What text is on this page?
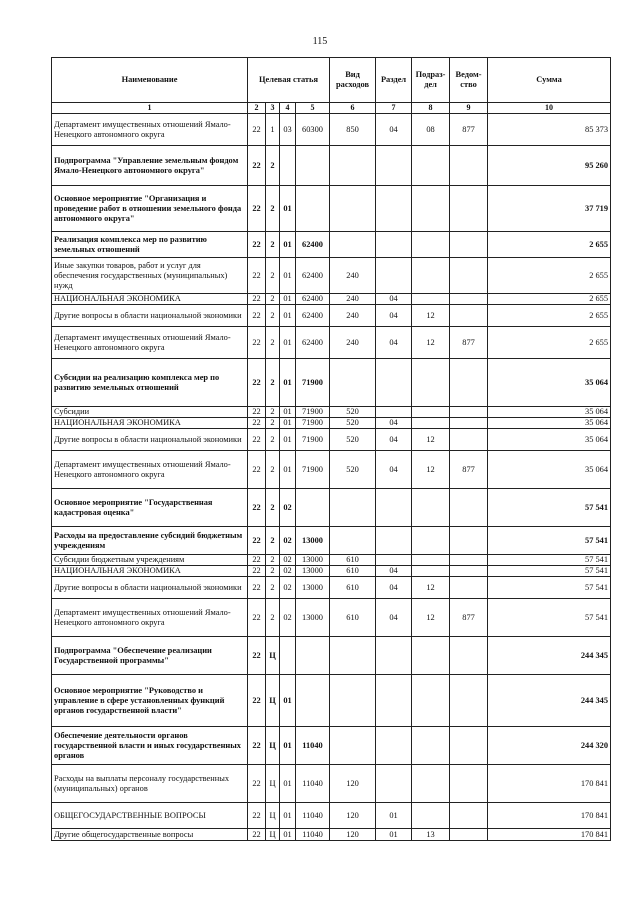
115
Наименование	Целевая статья				Вид расходов	Раздел	Подраз-дел	Ведом-ство	Сумма
1	2	3	4	5	6	7	8	9	10
Департамент имущественных отношений Ямало-Ненецкого автономного округа	22	1	03	60300	850	04	08	877	85 373
Подпрограмма "Управление земельным фондом Ямало-Ненецкого автономного округа"	22	2							95 260
Основное мероприятие "Организация и проведение работ в отношении земельного фонда автономного округа"	22	2	01						37 719
Реализация комплекса мер по развитию земельных отношений	22	2	01	62400					2 655
Иные закупки товаров, работ и услуг для обеспечения государственных (муниципальных) нужд	22	2	01	62400	240				2 655
НАЦИОНАЛЬНАЯ ЭКОНОМИКА	22	2	01	62400	240	04			2 655
Другие вопросы в области национальной экономики	22	2	01	62400	240	04	12		2 655
Департамент имущественных отношений Ямало-Ненецкого автономного округа	22	2	01	62400	240	04	12	877	2 655
Субсидии на реализацию комплекса мер по развитию земельных отношений	22	2	01	71900					35 064
Субсидии	22	2	01	71900	520				35 064
НАЦИОНАЛЬНАЯ ЭКОНОМИКА	22	2	01	71900	520	04			35 064
Другие вопросы в области национальной экономики	22	2	01	71900	520	04	12		35 064
Департамент имущественных отношений Ямало-Ненецкого автономного округа	22	2	01	71900	520	04	12	877	35 064
Основное мероприятие "Государственная кадастровая оценка"	22	2	02						57 541
Расходы на предоставление субсидий бюджетным учреждениям	22	2	02	13000					57 541
Субсидии бюджетным учреждениям	22	2	02	13000	610				57 541
НАЦИОНАЛЬНАЯ ЭКОНОМИКА	22	2	02	13000	610	04			57 541
Другие вопросы в области национальной экономики	22	2	02	13000	610	04	12		57 541
Департамент имущественных отношений Ямало-Ненецкого автономного округа	22	2	02	13000	610	04	12	877	57 541
Подпрограмма "Обеспечение реализации Государственной программы"	22	Ц							244 345
Основное мероприятие "Руководство и управление в сфере установленных функций органов государственной власти"	22	Ц	01						244 345
Обеспечение деятельности органов государственной власти и иных государственных органов	22	Ц	01	11040					244 320
Расходы на выплаты персоналу государственных (муниципальных) органов	22	Ц	01	11040	120				170 841
ОБЩЕГОСУДАРСТВЕННЫЕ ВОПРОСЫ	22	Ц	01	11040	120	01			170 841
Другие общегосударственные вопросы	22	Ц	01	11040	120	01	13		170 841
